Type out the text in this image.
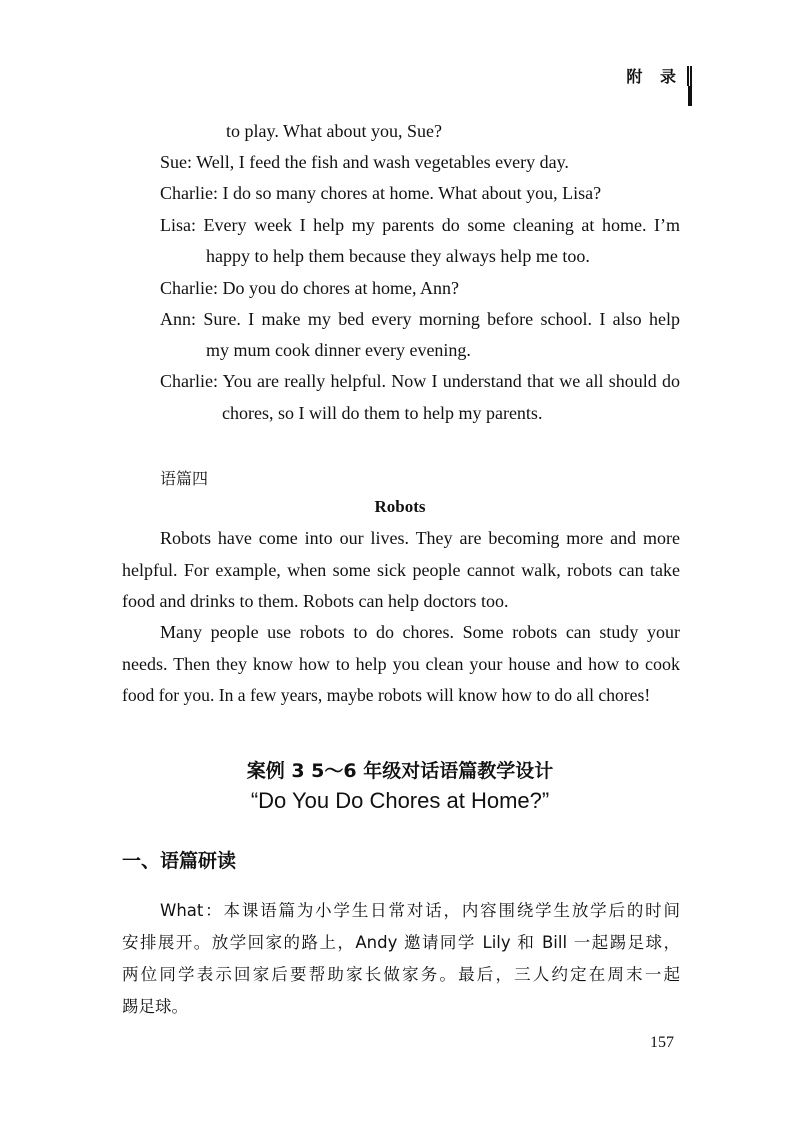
附 录
to play. What about you, Sue?
Sue: Well, I feed the fish and wash vegetables every day.
Charlie: I do so many chores at home. What about you, Lisa?
Lisa: Every week I help my parents do some cleaning at home. I’m
happy to help them because they always help me too.
Charlie: Do you do chores at home, Ann?
Ann: Sure. I make my bed every morning before school. I also help
my mum cook dinner every evening.
Charlie: You are really helpful. Now I understand that we all should do
chores, so I will do them to help my parents.
语篇四
Robots
Robots have come into our lives. They are becoming more and more
helpful. For example, when some sick people cannot walk, robots can take
food and drinks to them. Robots can help doctors too.
Many people use robots to do chores. Some robots can study your
needs. Then they know how to help you clean your house and how to cook
food for you. In a few years, maybe robots will know how to do all chores!
案例 3 5～6 年级对话语篇教学设计
“Do You Do Chores at Home?”
一、语篇研读
What：本课语篇为小学生日常对话，内容围绕学生放学后的时间
安排展开。放学回家的路上，Andy 邀请同学 Lily 和 Bill 一起踢足球，
两位同学表示回家后要帮助家长做家务。最后，三人约定在周末一起
踢足球。
157
